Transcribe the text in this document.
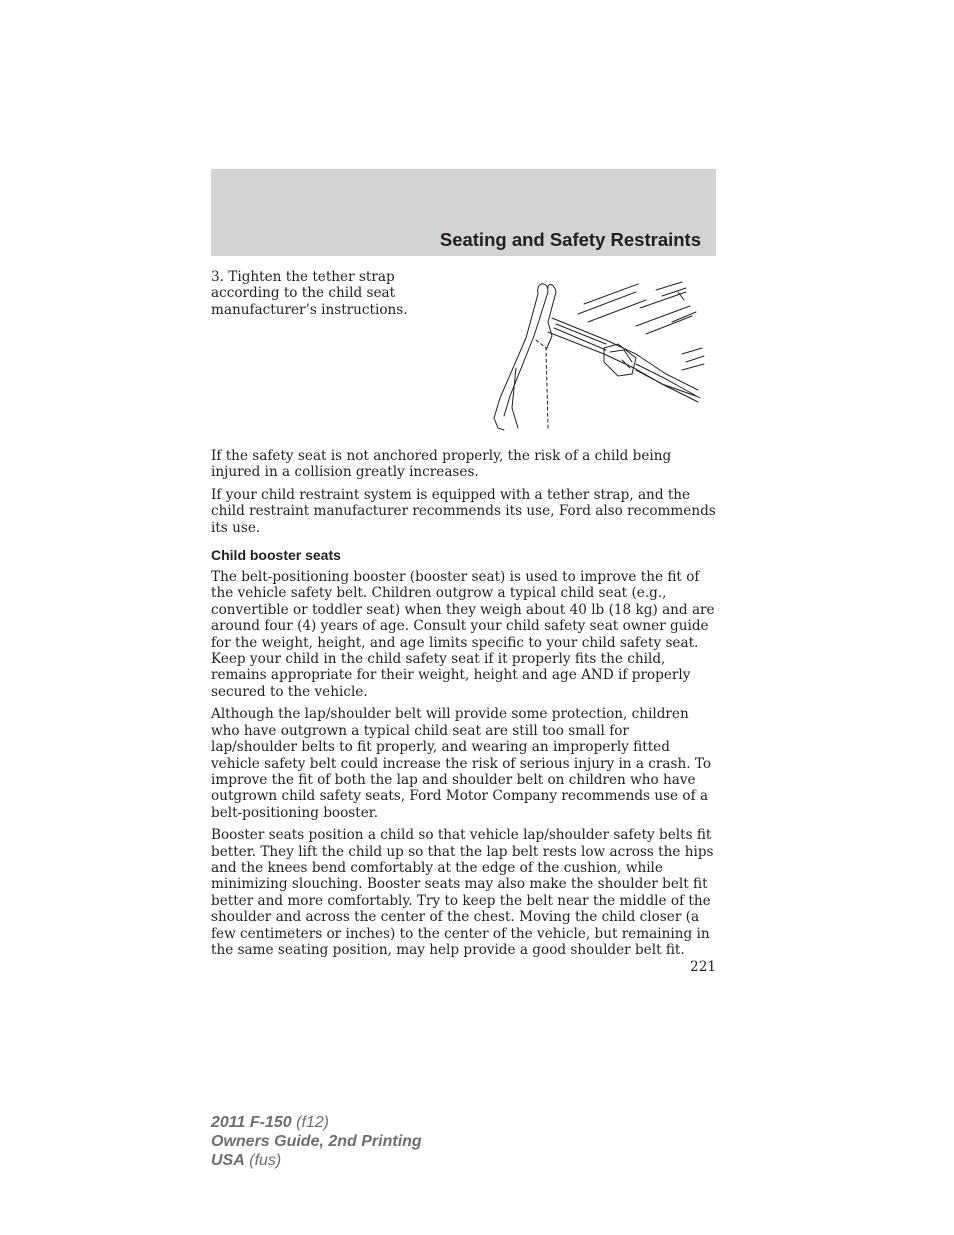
Seating and Safety Restraints

3. Tighten the tether strap according to the child seat manufacturer’s instructions.

If the safety seat is not anchored properly, the risk of a child being injured in a collision greatly increases.

If your child restraint system is equipped with a tether strap, and the child restraint manufacturer recommends its use, Ford also recommends its use.

Child booster seats

The belt-positioning booster (booster seat) is used to improve the fit of the vehicle safety belt. Children outgrow a typical child seat (e.g., convertible or toddler seat) when they weigh about 40 lb (18 kg) and are around four (4) years of age. Consult your child safety seat owner guide for the weight, height, and age limits specific to your child safety seat. Keep your child in the child safety seat if it properly fits the child, remains appropriate for their weight, height and age AND if properly secured to the vehicle.

Although the lap/shoulder belt will provide some protection, children who have outgrown a typical child seat are still too small for lap/shoulder belts to fit properly, and wearing an improperly fitted vehicle safety belt could increase the risk of serious injury in a crash. To improve the fit of both the lap and shoulder belt on children who have outgrown child safety seats, Ford Motor Company recommends use of a belt-positioning booster.

Booster seats position a child so that vehicle lap/shoulder safety belts fit better. They lift the child up so that the lap belt rests low across the hips and the knees bend comfortably at the edge of the cushion, while minimizing slouching. Booster seats may also make the shoulder belt fit better and more comfortably. Try to keep the belt near the middle of the shoulder and across the center of the chest. Moving the child closer (a few centimeters or inches) to the center of the vehicle, but remaining in the same seating position, may help provide a good shoulder belt fit.

221
2011 F-150 (f12)
Owners Guide, 2nd Printing
USA (fus)
